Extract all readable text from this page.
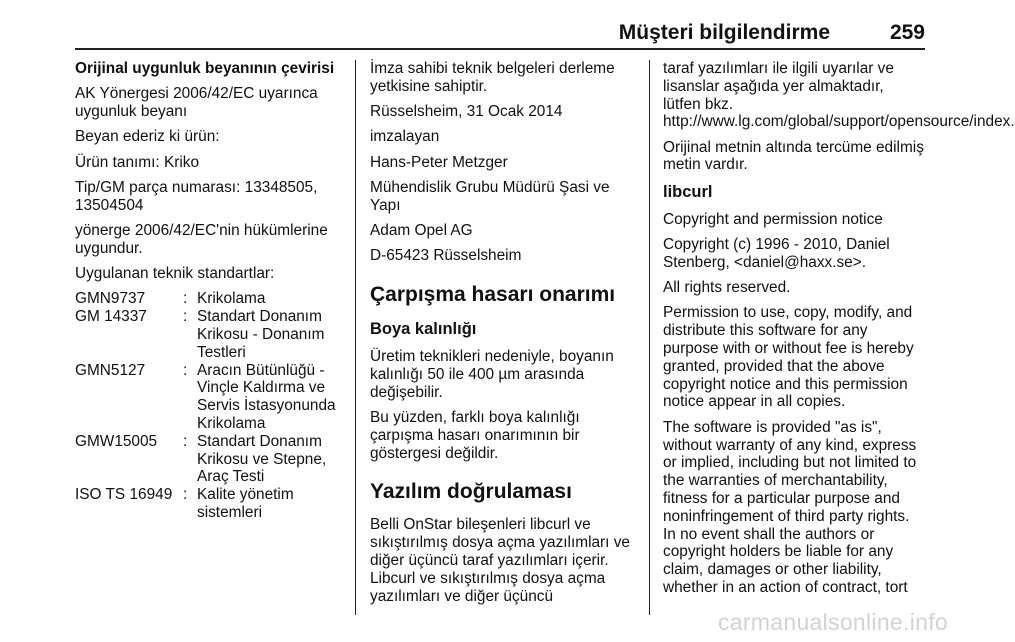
Müşteri bilgilendirme	259

Orijinal uygunluk beyanının çevirisi

AK Yönergesi 2006/42/EC uyarınca uygunluk beyanı

Beyan ederiz ki ürün:

Ürün tanımı: Kriko

Tip/GM parça numarası: 13348505, 13504504

yönerge 2006/42/EC'nin hükümlerine uygundur.

Uygulanan teknik standartlar:

GMN9737	: Krikolama
GM 14337	: Standart Donanım Krikosu - Donanım Testleri
GMN5127	: Aracın Bütünlüğü - Vinçle Kaldırma ve Servis İstasyonunda Krikolama
GMW15005	: Standart Donanım Krikosu ve Stepne, Araç Testi
ISO TS 16949 : Kalite yönetim sistemleri

İmza sahibi teknik belgeleri derleme yetkisine sahiptir.

Rüsselsheim, 31 Ocak 2014

imzalayan

Hans-Peter Metzger

Mühendislik Grubu Müdürü Şasi ve Yapı

Adam Opel AG

D-65423 Rüsselsheim

Çarpışma hasarı onarımı
Boya kalınlığı

Üretim teknikleri nedeniyle, boyanın kalınlığı 50 ile 400 µm arasında değişebilir.

Bu yüzden, farklı boya kalınlığı çarpışma hasarı onarımının bir göstergesi değildir.

Yazılım doğrulaması

Belli OnStar bileşenleri libcurl ve sıkıştırılmış dosya açma yazılımları ve diğer üçüncü taraf yazılımları içerir. Libcurl ve sıkıştırılmış dosya açma yazılımları ve diğer üçüncü

taraf yazılımları ile ilgili uyarılar ve lisanslar aşağıda yer almaktadır, lütfen bkz. http://www.lg.com/global/support/opensource/index.

Orijinal metnin altında tercüme edilmiş metin vardır.

libcurl

Copyright and permission notice

Copyright (c) 1996 - 2010, Daniel Stenberg, <daniel@haxx.se>.

All rights reserved.

Permission to use, copy, modify, and distribute this software for any purpose with or without fee is hereby granted, provided that the above copyright notice and this permission notice appear in all copies.

The software is provided "as is", without warranty of any kind, express or implied, including but not limited to the warranties of merchantability, fitness for a particular purpose and noninfringement of third party rights. In no event shall the authors or copyright holders be liable for any claim, damages or other liability, whether in an action of contract, tort

carmanualsonline.info
